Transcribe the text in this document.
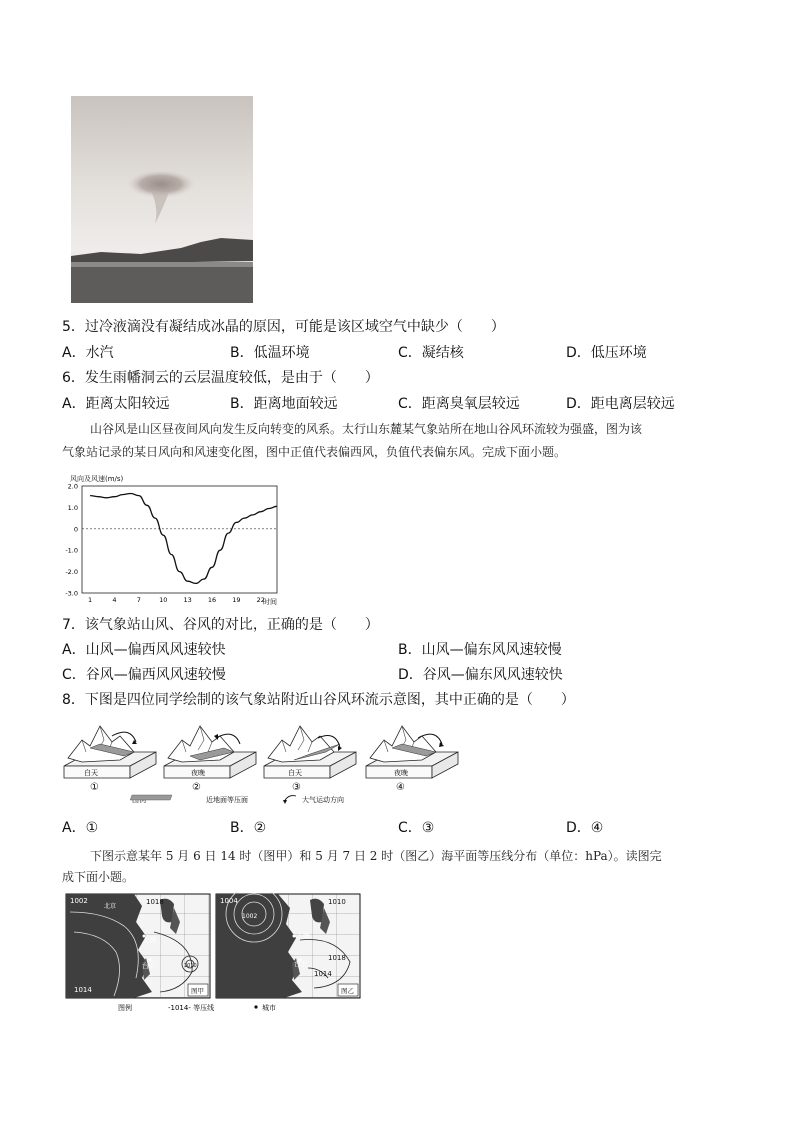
5．过冷液滴没有凝结成冰晶的原因，可能是该区域空气中缺少（　　）
A．水汽	B．低温环境	C．凝结核	D．低压环境
6．发生雨幡洞云的云层温度较低，是由于（　　）
A．距离太阳较远	B．距离地面较远	C．距离臭氧层较远	D．距电离层较远
山谷风是山区昼夜间风向发生反向转变的风系。太行山东麓某气象站所在地山谷风环流较为强盛，图为该
气象站记录的某日风向和风速变化图，图中正值代表偏西风，负值代表偏东风。完成下面小题。
风向及风速(m/s)
2.0
1.0
0
-1.0
-2.0
-3.0
1	4	7	10 13 16 19 22
时间
7．该气象站山风、谷风的对比，正确的是（　　）
A．山风—偏西风风速较快	B．山风—偏东风风速较慢
C．谷风—偏西风风速较慢	D．谷风—偏东风风速较快
8．下图是四位同学绘制的该气象站附近山谷风环流示意图，其中正确的是（　　）
白天
①
夜晚
②
白天
③
夜晚
④
近地面等压面	大气运动方向
A．①	B．②	C．③	D．④
下图示意某年 5 月 6 日 14 时（图甲）和 5 月 7 日 2 时（图乙）海平面等压线分布（单位：hPa）。读图完
成下面小题。
1002	1018
上海
台北	1010
1014
北京
图甲
1004
1002
1010
上海
1018
台北
1014
图乙
图例	-1014- 等压线	城市
